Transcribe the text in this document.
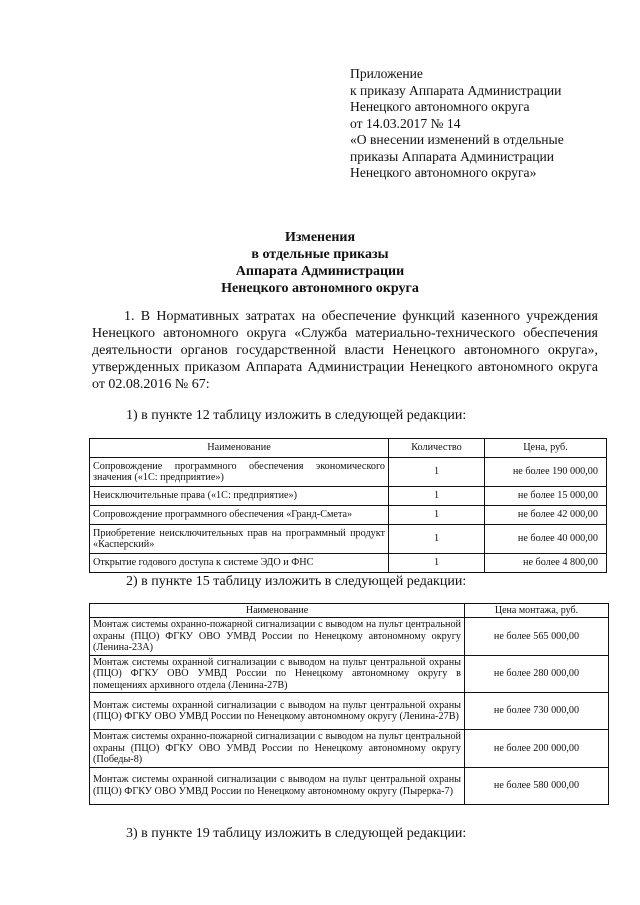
Приложение
к приказу Аппарата Администрации
Ненецкого автономного округа
от 14.03.2017 № 14
«О внесении изменений в отдельные
приказы Аппарата Администрации
Ненецкого автономного округа»
Изменения
в отдельные приказы
Аппарата Администрации
Ненецкого автономного округа
1. В Нормативных затратах на обеспечение функций казенного учреждения Ненецкого автономного округа «Служба материально-технического обеспечения деятельности органов государственной власти Ненецкого автономного округа», утвержденных приказом Аппарата Администрации Ненецкого автономного округа от 02.08.2016 № 67:
1) в пункте 12 таблицу изложить в следующей редакции:
Наименование	Количество	Цена, руб.
Сопровождение программного обеспечения экономического значения («1С: предприятие»)	1	не более 190 000,00
Неисключительные права («1С: предприятие»)	1	не более 15 000,00
Сопровождение программного обеспечения «Гранд-Смета»	1	не более 42 000,00
Приобретение неисключительных прав на программный продукт «Касперский»	1	не более 40 000,00
Открытие годового доступа к системе ЭДО и ФНС	1	не более 4 800,00
2) в пункте 15 таблицу изложить в следующей редакции:
Наименование	Цена монтажа, руб.
Монтаж системы охранно-пожарной сигнализации с выводом на пульт центральной охраны (ПЦО) ФГКУ ОВО УМВД России по Ненецкому автономному округу (Ленина-23А)	не более 565 000,00
Монтаж системы охранной сигнализации с выводом на пульт центральной охраны (ПЦО) ФГКУ ОВО УМВД России по Ненецкому автономному округу в помещениях архивного отдела (Ленина-27В)	не более 280 000,00
Монтаж системы охранной сигнализации с выводом на пульт центральной охраны (ПЦО) ФГКУ ОВО УМВД России по Ненецкому автономному округу (Ленина-27В)	не более 730 000,00
Монтаж системы охранно-пожарной сигнализации с выводом на пульт центральной охраны (ПЦО) ФГКУ ОВО УМВД России по Ненецкому автономному округу (Победы-8)	не более 200 000,00
Монтаж системы охранной сигнализации с выводом на пульт центральной охраны (ПЦО) ФГКУ ОВО УМВД России по Ненецкому автономному округу (Пырерка-7)	не более 580 000,00
3) в пункте 19 таблицу изложить в следующей редакции:
